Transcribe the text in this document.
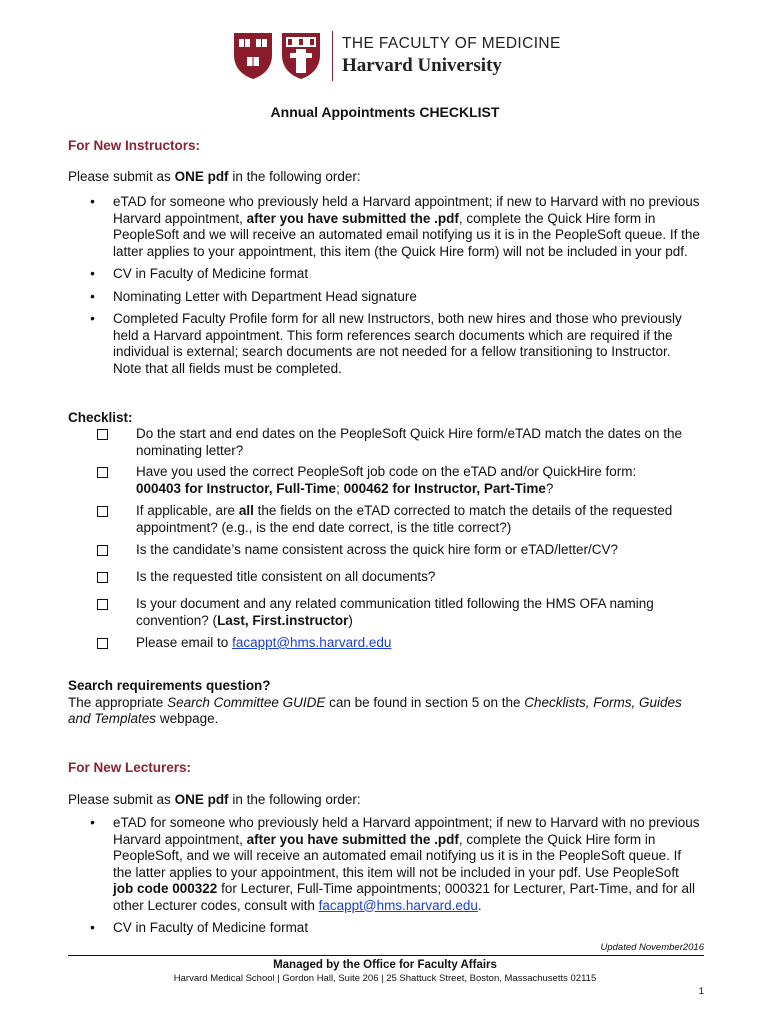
THE FACULTY OF MEDICINE
Harvard University
Annual Appointments CHECKLIST
For New Instructors:
Please submit as ONE pdf in the following order:
•	eTAD for someone who previously held a Harvard appointment; if new to Harvard with no previous Harvard appointment, after you have submitted the .pdf, complete the Quick Hire form in PeopleSoft and we will receive an automated email notifying us it is in the PeopleSoft queue. If the latter applies to your appointment, this item (the Quick Hire form) will not be included in your pdf.
•	CV in Faculty of Medicine format
•	Nominating Letter with Department Head signature
•	Completed Faculty Profile form for all new Instructors, both new hires and those who previously held a Harvard appointment. This form references search documents which are required if the individual is external; search documents are not needed for a fellow transitioning to Instructor. Note that all fields must be completed.
Checklist:
Do the start and end dates on the PeopleSoft Quick Hire form/eTAD match the dates on the nominating letter?
Have you used the correct PeopleSoft job code on the eTAD and/or QuickHire form:
000403 for Instructor, Full-Time; 000462 for Instructor, Part-Time?
If applicable, are all the fields on the eTAD corrected to match the details of the requested appointment? (e.g., is the end date correct, is the title correct?)
Is the candidate’s name consistent across the quick hire form or eTAD/letter/CV?
Is the requested title consistent on all documents?
Is your document and any related communication titled following the HMS OFA naming convention? (Last, First.instructor)
Please email to facappt@hms.harvard.edu
Search requirements question?
The appropriate Search Committee GUIDE can be found in section 5 on the Checklists, Forms, Guides and Templates webpage.
For New Lecturers:
Please submit as ONE pdf in the following order:
•	eTAD for someone who previously held a Harvard appointment; if new to Harvard with no previous Harvard appointment, after you have submitted the .pdf, complete the Quick Hire form in PeopleSoft, and we will receive an automated email notifying us it is in the PeopleSoft queue. If the latter applies to your appointment, this item will not be included in your pdf. Use PeopleSoft job code 000322 for Lecturer, Full-Time appointments; 000321 for Lecturer, Part-Time, and for all other Lecturer codes, consult with facappt@hms.harvard.edu.
•	CV in Faculty of Medicine format
Updated November2016
Managed by the Office for Faculty Affairs
Harvard Medical School | Gordon Hall, Suite 206 | 25 Shattuck Street, Boston, Massachusetts 02115
1
